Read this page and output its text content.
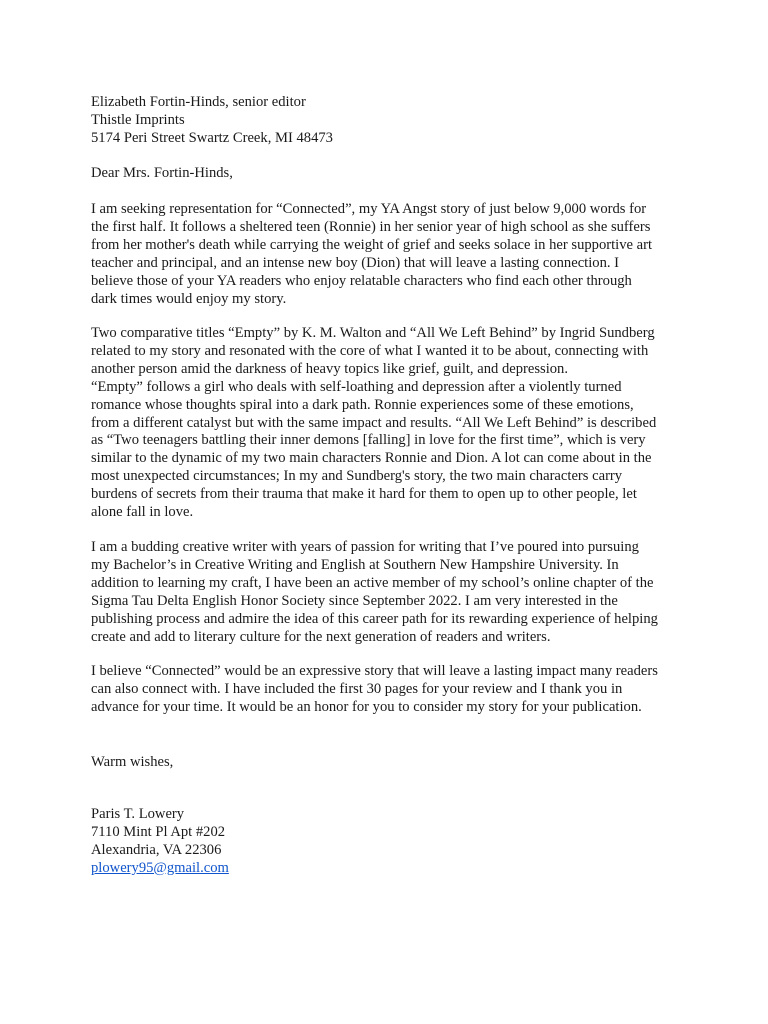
Elizabeth Fortin-Hinds, senior editor
Thistle Imprints
5174 Peri Street Swartz Creek, MI 48473
Dear Mrs. Fortin-Hinds,
I am seeking representation for “Connected”, my YA Angst story of just below 9,000 words for
the first half. It follows a sheltered teen (Ronnie) in her senior year of high school as she suffers
from her mother's death while carrying the weight of grief and seeks solace in her supportive art
teacher and principal, and an intense new boy (Dion) that will leave a lasting connection. I
believe those of your YA readers who enjoy relatable characters who find each other through
dark times would enjoy my story.
Two comparative titles “Empty” by K. M. Walton and “All We Left Behind” by Ingrid Sundberg
related to my story and resonated with the core of what I wanted it to be about, connecting with
another person amid the darkness of heavy topics like grief, guilt, and depression.
“Empty” follows a girl who deals with self-loathing and depression after a violently turned
romance whose thoughts spiral into a dark path. Ronnie experiences some of these emotions,
from a different catalyst but with the same impact and results. “All We Left Behind” is described
as “Two teenagers battling their inner demons [falling] in love for the first time”, which is very
similar to the dynamic of my two main characters Ronnie and Dion. A lot can come about in the
most unexpected circumstances; In my and Sundberg's story, the two main characters carry
burdens of secrets from their trauma that make it hard for them to open up to other people, let
alone fall in love.
I am a budding creative writer with years of passion for writing that I’ve poured into pursuing
my Bachelor’s in Creative Writing and English at Southern New Hampshire University. In
addition to learning my craft, I have been an active member of my school’s online chapter of the
Sigma Tau Delta English Honor Society since September 2022. I am very interested in the
publishing process and admire the idea of this career path for its rewarding experience of helping
create and add to literary culture for the next generation of readers and writers.
I believe “Connected” would be an expressive story that will leave a lasting impact many readers
can also connect with. I have included the first 30 pages for your review and I thank you in
advance for your time. It would be an honor for you to consider my story for your publication.
Warm wishes,
Paris T. Lowery
7110 Mint Pl Apt #202
Alexandria, VA 22306
plowery95@gmail.com
